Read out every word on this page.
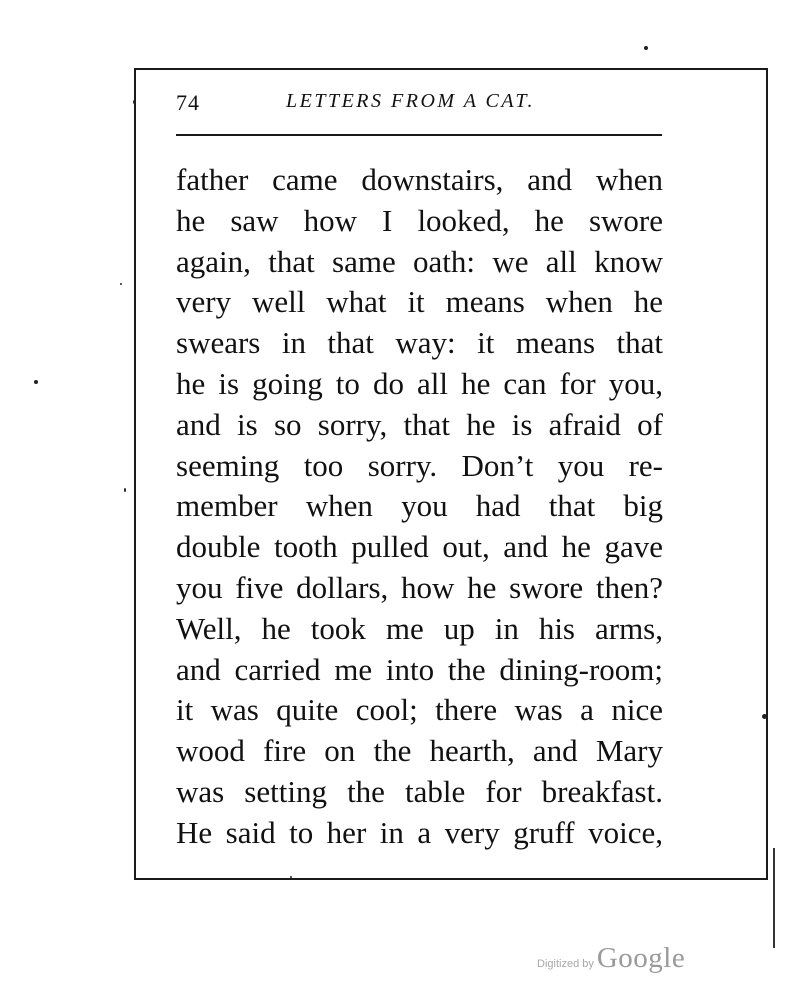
74	LETTERS FROM A CAT.
father came downstairs, and when
he saw how I looked, he swore
again, that same oath: we all know
very well what it means when he
swears in that way: it means that
he is going to do all he can for you,
and is so sorry, that he is afraid of
seeming too sorry. Don’t you re-
member when you had that big
double tooth pulled out, and he gave
you five dollars, how he swore then?
Well, he took me up in his arms,
and carried me into the dining-room;
it was quite cool; there was a nice
wood fire on the hearth, and Mary
was setting the table for breakfast.
He said to her in a very gruff voice,
Digitized by Google
